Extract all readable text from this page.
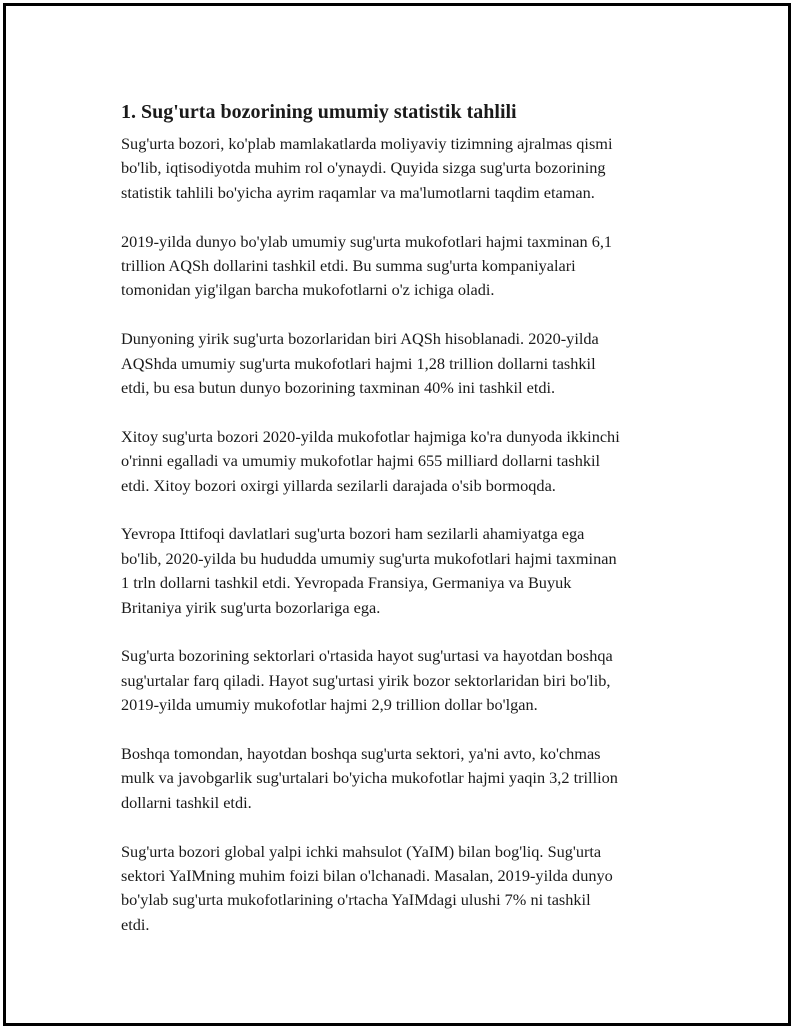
1. Sug'urta bozorining umumiy statistik tahlili

Sug'urta bozori, ko'plab mamlakatlarda moliyaviy tizimning ajralmas qismi
bo'lib, iqtisodiyotda muhim rol o'ynaydi. Quyida sizga sug'urta bozorining
statistik tahlili bo'yicha ayrim raqamlar va ma'lumotlarni taqdim etaman.

2019-yilda dunyo bo'ylab umumiy sug'urta mukofotlari hajmi taxminan 6,1
trillion AQSh dollarini tashkil etdi. Bu summa sug'urta kompaniyalari
tomonidan yig'ilgan barcha mukofotlarni o'z ichiga oladi.

Dunyoning yirik sug'urta bozorlaridan biri AQSh hisoblanadi. 2020-yilda
AQShda umumiy sug'urta mukofotlari hajmi 1,28 trillion dollarni tashkil
etdi, bu esa butun dunyo bozorining taxminan 40% ini tashkil etdi.

Xitoy sug'urta bozori 2020-yilda mukofotlar hajmiga ko'ra dunyoda ikkinchi
o'rinni egalladi va umumiy mukofotlar hajmi 655 milliard dollarni tashkil
etdi. Xitoy bozori oxirgi yillarda sezilarli darajada o'sib bormoqda.

Yevropa Ittifoqi davlatlari sug'urta bozori ham sezilarli ahamiyatga ega
bo'lib, 2020-yilda bu hududda umumiy sug'urta mukofotlari hajmi taxminan
1 trln dollarni tashkil etdi. Yevropada Fransiya, Germaniya va Buyuk
Britaniya yirik sug'urta bozorlariga ega.

Sug'urta bozorining sektorlari o'rtasida hayot sug'urtasi va hayotdan boshqa
sug'urtalar farq qiladi. Hayot sug'urtasi yirik bozor sektorlaridan biri bo'lib,
2019-yilda umumiy mukofotlar hajmi 2,9 trillion dollar bo'lgan.

Boshqa tomondan, hayotdan boshqa sug'urta sektori, ya'ni avto, ko'chmas
mulk va javobgarlik sug'urtalari bo'yicha mukofotlar hajmi yaqin 3,2 trillion
dollarni tashkil etdi.

Sug'urta bozori global yalpi ichki mahsulot (YaIM) bilan bog'liq. Sug'urta
sektori YaIMning muhim foizi bilan o'lchanadi. Masalan, 2019-yilda dunyo
bo'ylab sug'urta mukofotlarining o'rtacha YaIMdagi ulushi 7% ni tashkil
etdi.
